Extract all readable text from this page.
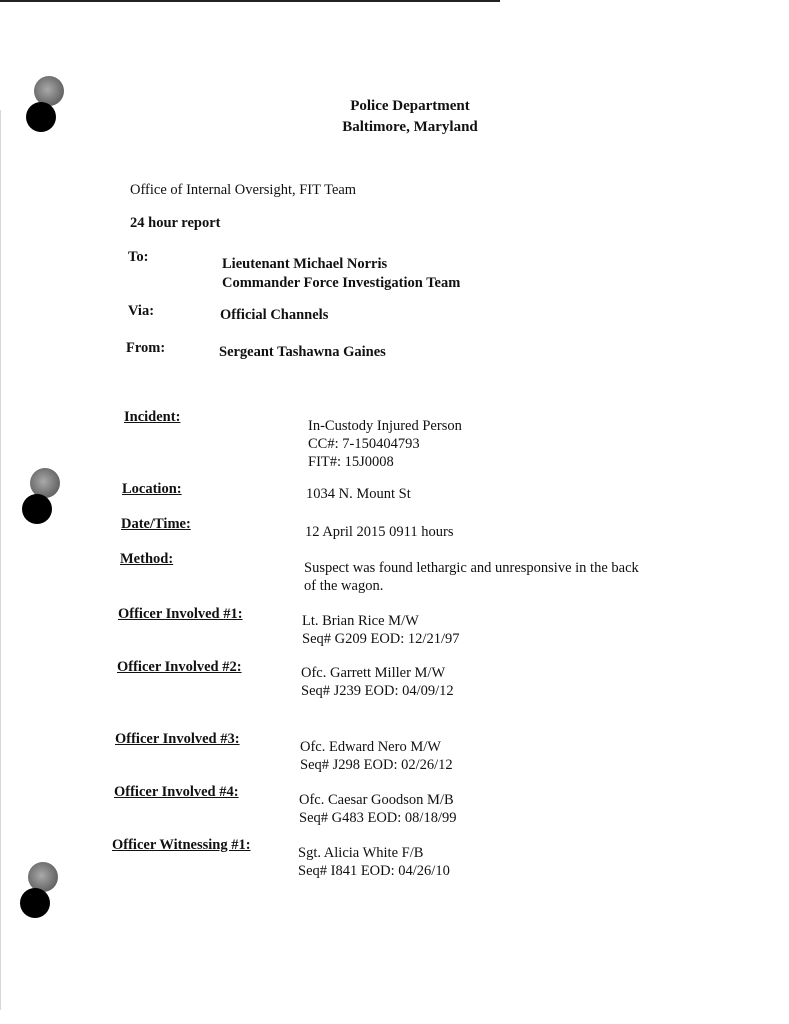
Police Department
Baltimore, Maryland
Office of Internal Oversight, FIT Team
24 hour report
To:	Lieutenant Michael Norris
Commander Force Investigation Team
Via:	Official Channels
From:	Sergeant Tashawna Gaines
Incident:
In-Custody Injured Person
CC#: 7-150404793
FIT#: 15J0008
Location:	1034 N. Mount St
Date/Time:	12 April 2015 0911 hours
Method:
Suspect was found lethargic and unresponsive in the back
of the wagon.
Officer Involved #1:	Lt. Brian Rice M/W
Seq# G209 EOD: 12/21/97
Officer Involved #2:	Ofc. Garrett Miller M/W
Seq# J239 EOD: 04/09/12
Officer Involved #3:	Ofc. Edward Nero M/W
Seq# J298 EOD: 02/26/12
Officer Involved #4:	Ofc. Caesar Goodson M/B
Seq# G483 EOD: 08/18/99
Officer Witnessing #1:	Sgt. Alicia White F/B
Seq# I841 EOD: 04/26/10
